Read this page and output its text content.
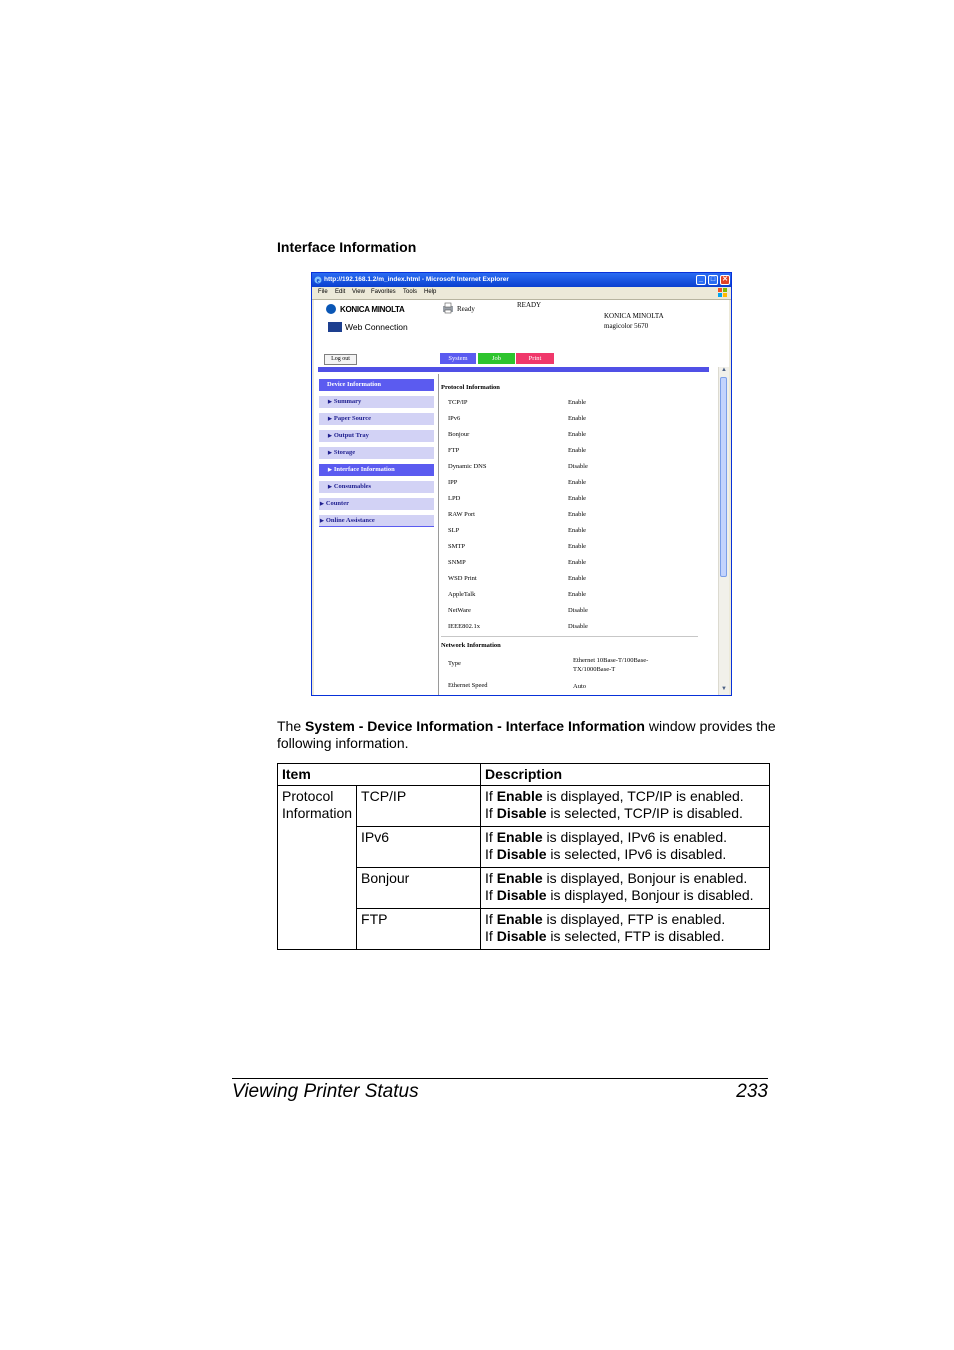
Interface Information
e http://192.168.1.2/m_index.html - Microsoft Internet Explorer	_ □ ✕
File Edit View Favorites Tools Help
KONICA MINOLTA
Web Connection
Ready	READY
KONICA MINOLTA
magicolor 5670
Log out	System	Job	Print
Device Information
▶ Summary
▶ Paper Source
▶ Output Tray
▶ Storage
▶ Interface Information
▶ Consumables
▶ Counter
▶ Online Assistance
Protocol Information
TCP/IP	Enable
IPv6	Enable
Bonjour	Enable
FTP	Enable
Dynamic DNS	Disable
IPP	Enable
LPD	Enable
RAW Port	Enable
SLP	Enable
SMTP	Enable
SNMP	Enable
WSD Print	Enable
AppleTalk	Enable
NetWare	Disable
IEEE802.1x	Disable
Network Information
Type	Ethernet 10Base-T/100Base-TX/1000Base-T
Ethernet Speed	Auto
▲
▼
The System - Device Information - Interface Information window provides the following information.
Item		Description
Protocol Information	TCP/IP	If Enable is displayed, TCP/IP is enabled.
If Disable is selected, TCP/IP is disabled.
	IPv6	If Enable is displayed, IPv6 is enabled.
If Disable is selected, IPv6 is disabled.
	Bonjour	If Enable is displayed, Bonjour is enabled.
If Disable is displayed, Bonjour is disabled.
	FTP	If Enable is displayed, FTP is enabled.
If Disable is selected, FTP is disabled.
Viewing Printer Status	233
